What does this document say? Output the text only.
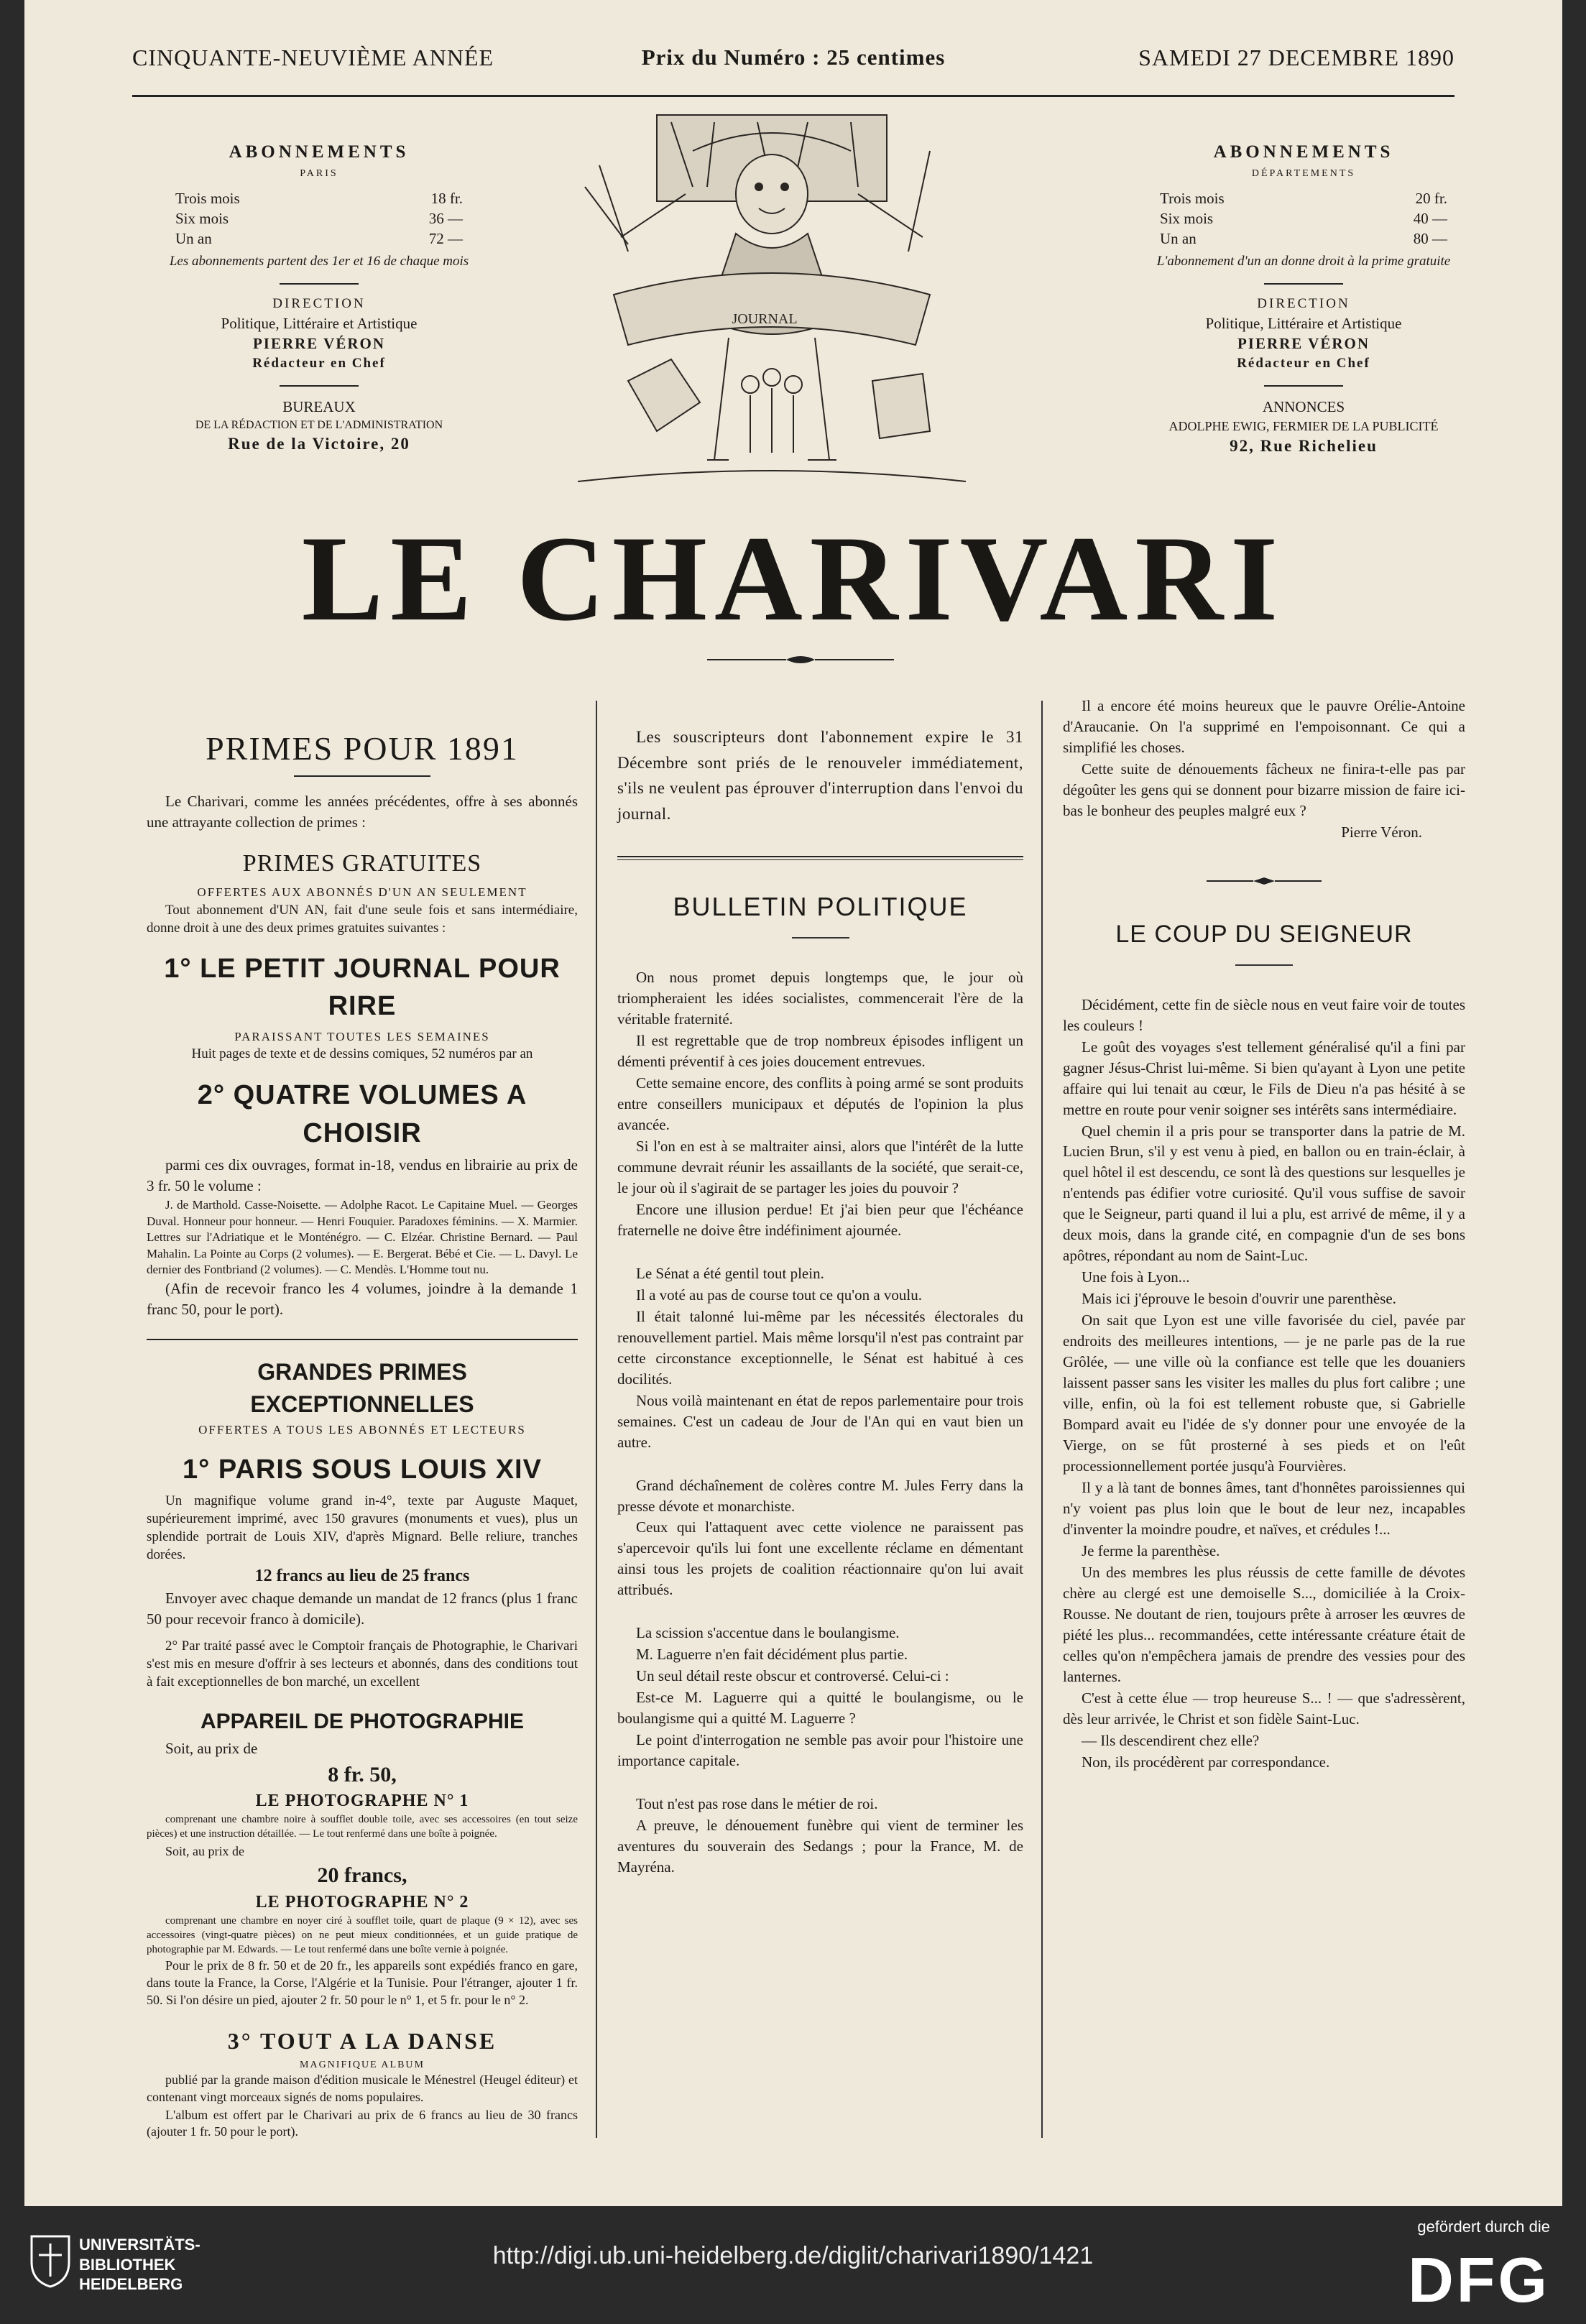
CINQUANTE-NEUVIÈME ANNÉE	Prix du Numéro : 25 centimes	SAMEDI 27 DECEMBRE 1890
ABONNEMENTS
PARIS
Trois mois	18 fr.
Six mois	36 —
Un an	72 —
Les abonnements partent des 1er et 16 de chaque mois
DIRECTION
Politique, Littéraire et Artistique
PIERRE VÉRON
Rédacteur en Chef
BUREAUX
DE LA RÉDACTION ET DE L'ADMINISTRATION
Rue de la Victoire, 20
ABONNEMENTS
DÉPARTEMENTS
Trois mois	20 fr.
Six mois	40 —
Un an	80 —
L'abonnement d'un an donne droit à la prime gratuite
DIRECTION
Politique, Littéraire et Artistique
PIERRE VÉRON
Rédacteur en Chef
ANNONCES
ADOLPHE EWIG, FERMIER DE LA PUBLICITÉ
92, Rue Richelieu
JOURNAL
LE CHARIVARI
PRIMES POUR 1891

Le Charivari, comme les années précédentes, offre à ses abonnés une attrayante collection de primes :

PRIMES GRATUITES
OFFERTES AUX ABONNÉS D'UN AN SEULEMENT

Tout abonnement d'UN AN, fait d'une seule fois et sans intermédiaire, donne droit à une des deux primes gratuites suivantes :

1° LE PETIT JOURNAL POUR RIRE
PARAISSANT TOUTES LES SEMAINES
Huit pages de texte et de dessins comiques, 52 numéros par an
2° QUATRE VOLUMES A CHOISIR

parmi ces dix ouvrages, format in-18, vendus en librairie au prix de 3 fr. 50 le volume :

J. de Marthold. Casse-Noisette. — Adolphe Racot. Le Capitaine Muel. — Georges Duval. Honneur pour honneur. — Henri Fouquier. Paradoxes féminins. — X. Marmier. Lettres sur l'Adriatique et le Monténégro. — C. Elzéar. Christine Bernard. — Paul Mahalin. La Pointe au Corps (2 volumes). — E. Bergerat. Bébé et Cie. — L. Davyl. Le dernier des Fontbriand (2 volumes). — C. Mendès. L'Homme tout nu.

(Afin de recevoir franco les 4 volumes, joindre à la demande 1 franc 50, pour le port).

GRANDES PRIMES EXCEPTIONNELLES
OFFERTES A TOUS LES ABONNÉS ET LECTEURS
1° PARIS SOUS LOUIS XIV

Un magnifique volume grand in-4°, texte par Auguste Maquet, supérieurement imprimé, avec 150 gravures (monuments et vues), plus un splendide portrait de Louis XIV, d'après Mignard. Belle reliure, tranches dorées.

12 francs au lieu de 25 francs

Envoyer avec chaque demande un mandat de 12 francs (plus 1 franc 50 pour recevoir franco à domicile).

2° Par traité passé avec le Comptoir français de Photographie, le Charivari s'est mis en mesure d'offrir à ses lecteurs et abonnés, dans des conditions tout à fait exceptionnelles de bon marché, un excellent

APPAREIL DE PHOTOGRAPHIE

Soit, au prix de

8 fr. 50,
LE PHOTOGRAPHE N° 1

comprenant une chambre noire à soufflet double toile, avec ses accessoires (en tout seize pièces) et une instruction détaillée. — Le tout renfermé dans une boîte à poignée.

Soit, au prix de

20 francs,
LE PHOTOGRAPHE N° 2

comprenant une chambre en noyer ciré à soufflet toile, quart de plaque (9 × 12), avec ses accessoires (vingt-quatre pièces) on ne peut mieux conditionnées, et un guide pratique de photographie par M. Edwards. — Le tout renfermé dans une boîte vernie à poignée.

Pour le prix de 8 fr. 50 et de 20 fr., les appareils sont expédiés franco en gare, dans toute la France, la Corse, l'Algérie et la Tunisie. Pour l'étranger, ajouter 1 fr. 50. Si l'on désire un pied, ajouter 2 fr. 50 pour le n° 1, et 5 fr. pour le n° 2.

3° TOUT A LA DANSE
MAGNIFIQUE ALBUM

publié par la grande maison d'édition musicale le Ménestrel (Heugel éditeur) et contenant vingt morceaux signés de noms populaires.

L'album est offert par le Charivari au prix de 6 francs au lieu de 30 francs (ajouter 1 fr. 50 pour le port).

Les souscripteurs dont l'abonnement expire le 31 Décembre sont priés de le renouveler immédiatement, s'ils ne veulent pas éprouver d'interruption dans l'envoi du journal.

BULLETIN POLITIQUE

On nous promet depuis longtemps que, le jour où triompheraient les idées socialistes, commencerait l'ère de la véritable fraternité.

Il est regrettable que de trop nombreux épisodes infligent un démenti préventif à ces joies doucement entrevues.

Cette semaine encore, des conflits à poing armé se sont produits entre conseillers municipaux et députés de l'opinion la plus avancée.

Si l'on en est à se maltraiter ainsi, alors que l'intérêt de la lutte commune devrait réunir les assaillants de la société, que serait-ce, le jour où il s'agirait de se partager les joies du pouvoir ?

Encore une illusion perdue! Et j'ai bien peur que l'échéance fraternelle ne doive être indéfiniment ajournée.

Le Sénat a été gentil tout plein.

Il a voté au pas de course tout ce qu'on a voulu.

Il était talonné lui-même par les nécessités électorales du renouvellement partiel. Mais même lorsqu'il n'est pas contraint par cette circonstance exceptionnelle, le Sénat est habitué à ces docilités.

Nous voilà maintenant en état de repos parlementaire pour trois semaines. C'est un cadeau de Jour de l'An qui en vaut bien un autre.

Grand déchaînement de colères contre M. Jules Ferry dans la presse dévote et monarchiste.

Ceux qui l'attaquent avec cette violence ne paraissent pas s'apercevoir qu'ils lui font une excellente réclame en démentant ainsi tous les projets de coalition réactionnaire qu'on lui avait attribués.

La scission s'accentue dans le boulangisme.

M. Laguerre n'en fait décidément plus partie.

Un seul détail reste obscur et controversé. Celui-ci :

Est-ce M. Laguerre qui a quitté le boulangisme, ou le boulangisme qui a quitté M. Laguerre ?

Le point d'interrogation ne semble pas avoir pour l'histoire une importance capitale.

Tout n'est pas rose dans le métier de roi.

A preuve, le dénouement funèbre qui vient de terminer les aventures du souverain des Sedangs ; pour la France, M. de Mayréna.

Il a encore été moins heureux que le pauvre Orélie-Antoine d'Araucanie. On l'a supprimé en l'empoisonnant. Ce qui a simplifié les choses.

Cette suite de dénouements fâcheux ne finira-t-elle pas par dégoûter les gens qui se donnent pour bizarre mission de faire ici-bas le bonheur des peuples malgré eux ?

Pierre Véron.
LE COUP DU SEIGNEUR

Décidément, cette fin de siècle nous en veut faire voir de toutes les couleurs !

Le goût des voyages s'est tellement généralisé qu'il a fini par gagner Jésus-Christ lui-même. Si bien qu'ayant à Lyon une petite affaire qui lui tenait au cœur, le Fils de Dieu n'a pas hésité à se mettre en route pour venir soigner ses intérêts sans intermédiaire.

Quel chemin il a pris pour se transporter dans la patrie de M. Lucien Brun, s'il y est venu à pied, en ballon ou en train-éclair, à quel hôtel il est descendu, ce sont là des questions sur lesquelles je n'entends pas édifier votre curiosité. Qu'il vous suffise de savoir que le Seigneur, parti quand il lui a plu, est arrivé de même, il y a deux mois, dans la grande cité, en compagnie d'un de ses bons apôtres, répondant au nom de Saint-Luc.

Une fois à Lyon...

Mais ici j'éprouve le besoin d'ouvrir une parenthèse.

On sait que Lyon est une ville favorisée du ciel, pavée par endroits des meilleures intentions, — je ne parle pas de la rue Grôlée, — une ville où la confiance est telle que les douaniers laissent passer sans les visiter les malles du plus fort calibre ; une ville, enfin, où la foi est tellement robuste que, si Gabrielle Bompard avait eu l'idée de s'y donner pour une envoyée de la Vierge, on se fût prosterné à ses pieds et on l'eût processionnellement portée jusqu'à Fourvières.

Il y a là tant de bonnes âmes, tant d'honnêtes paroissiennes qui n'y voient pas plus loin que le bout de leur nez, incapables d'inventer la moindre poudre, et naïves, et crédules !...

Je ferme la parenthèse.

Un des membres les plus réussis de cette famille de dévotes chère au clergé est une demoiselle S..., domiciliée à la Croix-Rousse. Ne doutant de rien, toujours prête à arroser les œuvres de piété les plus... recommandées, cette intéressante créature était de celles qu'on n'empêchera jamais de prendre des vessies pour des lanternes.

C'est à cette élue — trop heureuse S... ! — que s'adressèrent, dès leur arrivée, le Christ et son fidèle Saint-Luc.

— Ils descendirent chez elle?

Non, ils procédèrent par correspondance.

UNIVERSITÄTS-
BIBLIOTHEK
HEIDELBERG
http://digi.ub.uni-heidelberg.de/diglit/charivari1890/1421
gefördert durch die
DFG
